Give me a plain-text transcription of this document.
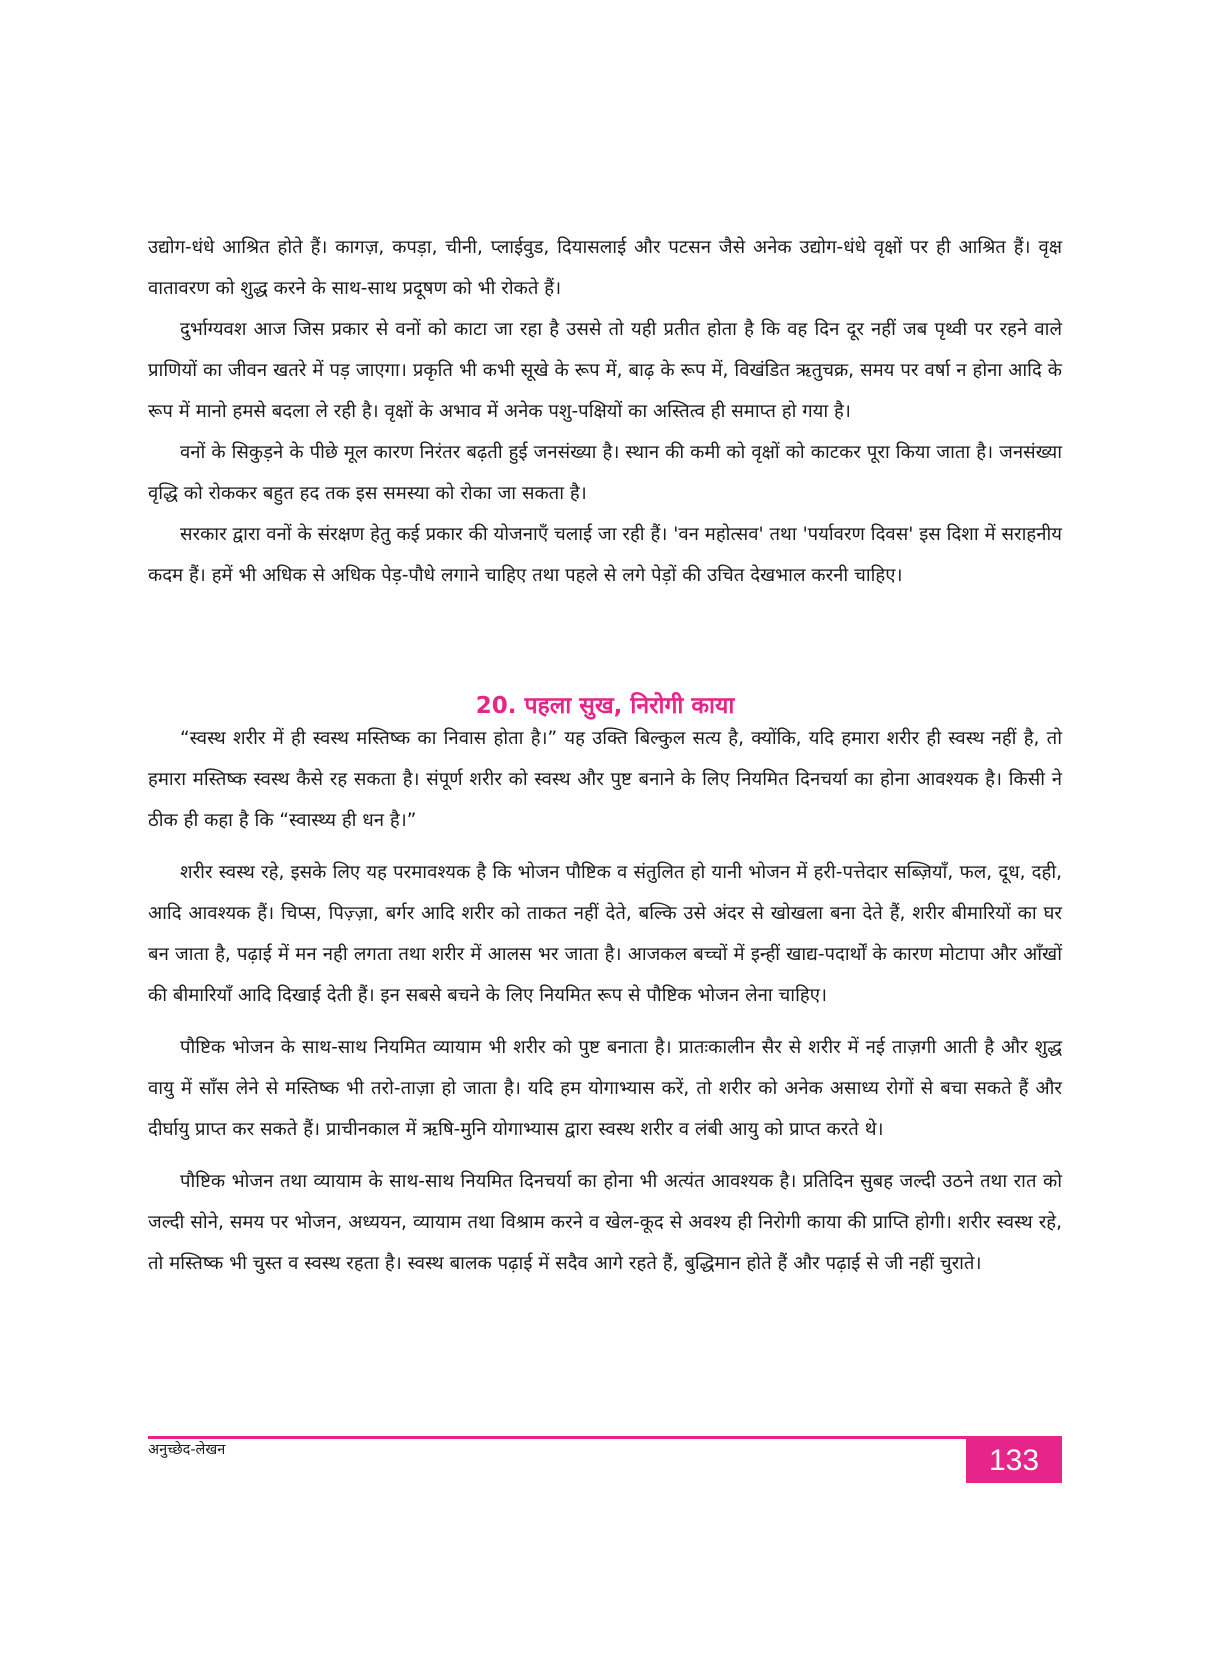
उद्योग-धंधे आश्रित होते हैं। कागज़, कपड़ा, चीनी, प्लाईवुड, दियासलाई और पटसन जैसे अनेक उद्योग-धंधे वृक्षों पर ही आश्रित हैं। वृक्ष वातावरण को शुद्ध करने के साथ-साथ प्रदूषण को भी रोकते हैं।

दुर्भाग्यवश आज जिस प्रकार से वनों को काटा जा रहा है उससे तो यही प्रतीत होता है कि वह दिन दूर नहीं जब पृथ्वी पर रहने वाले प्राणियों का जीवन खतरे में पड़ जाएगा। प्रकृति भी कभी सूखे के रूप में, बाढ़ के रूप में, विखंडित ऋतुचक्र, समय पर वर्षा न होना आदि के रूप में मानो हमसे बदला ले रही है। वृक्षों के अभाव में अनेक पशु-पक्षियों का अस्तित्व ही समाप्त हो गया है।

वनों के सिकुड़ने के पीछे मूल कारण निरंतर बढ़ती हुई जनसंख्या है। स्थान की कमी को वृक्षों को काटकर पूरा किया जाता है। जनसंख्या वृद्धि को रोककर बहुत हद तक इस समस्या को रोका जा सकता है।

सरकार द्वारा वनों के संरक्षण हेतु कई प्रकार की योजनाएँ चलाई जा रही हैं। 'वन महोत्सव' तथा 'पर्यावरण दिवस' इस दिशा में सराहनीय कदम हैं। हमें भी अधिक से अधिक पेड़-पौधे लगाने चाहिए तथा पहले से लगे पेड़ों की उचित देखभाल करनी चाहिए।

20. पहला सुख, निरोगी काया

“स्वस्थ शरीर में ही स्वस्थ मस्तिष्क का निवास होता है।” यह उक्ति बिल्कुल सत्य है, क्योंकि, यदि हमारा शरीर ही स्वस्थ नहीं है, तो हमारा मस्तिष्क स्वस्थ कैसे रह सकता है। संपूर्ण शरीर को स्वस्थ और पुष्ट बनाने के लिए नियमित दिनचर्या का होना आवश्यक है। किसी ने ठीक ही कहा है कि “स्वास्थ्य ही धन है।”

शरीर स्वस्थ रहे, इसके लिए यह परमावश्यक है कि भोजन पौष्टिक व संतुलित हो यानी भोजन में हरी-पत्तेदार सब्ज़ियाँ, फल, दूध, दही, आदि आवश्यक हैं। चिप्स, पिज़्ज़ा, बर्गर आदि शरीर को ताकत नहीं देते, बल्कि उसे अंदर से खोखला बना देते हैं, शरीर बीमारियों का घर बन जाता है, पढ़ाई में मन नही लगता तथा शरीर में आलस भर जाता है। आजकल बच्चों में इन्हीं खाद्य-पदार्थों के कारण मोटापा और आँखों की बीमारियाँ आदि दिखाई देती हैं। इन सबसे बचने के लिए नियमित रूप से पौष्टिक भोजन लेना चाहिए।

पौष्टिक भोजन के साथ-साथ नियमित व्यायाम भी शरीर को पुष्ट बनाता है। प्रातःकालीन सैर से शरीर में नई ताज़गी आती है और शुद्ध वायु में साँस लेने से मस्तिष्क भी तरो-ताज़ा हो जाता है। यदि हम योगाभ्यास करें, तो शरीर को अनेक असाध्य रोगों से बचा सकते हैं और दीर्घायु प्राप्त कर सकते हैं। प्राचीनकाल में ऋषि-मुनि योगाभ्यास द्वारा स्वस्थ शरीर व लंबी आयु को प्राप्त करते थे।

पौष्टिक भोजन तथा व्यायाम के साथ-साथ नियमित दिनचर्या का होना भी अत्यंत आवश्यक है। प्रतिदिन सुबह जल्दी उठने तथा रात को जल्दी सोने, समय पर भोजन, अध्ययन, व्यायाम तथा विश्राम करने व खेल-कूद से अवश्य ही निरोगी काया की प्राप्ति होगी। शरीर स्वस्थ रहे, तो मस्तिष्क भी चुस्त व स्वस्थ रहता है। स्वस्थ बालक पढ़ाई में सदैव आगे रहते हैं, बुद्धिमान होते हैं और पढ़ाई से जी नहीं चुराते।

अनुच्छेद-लेखन	133
